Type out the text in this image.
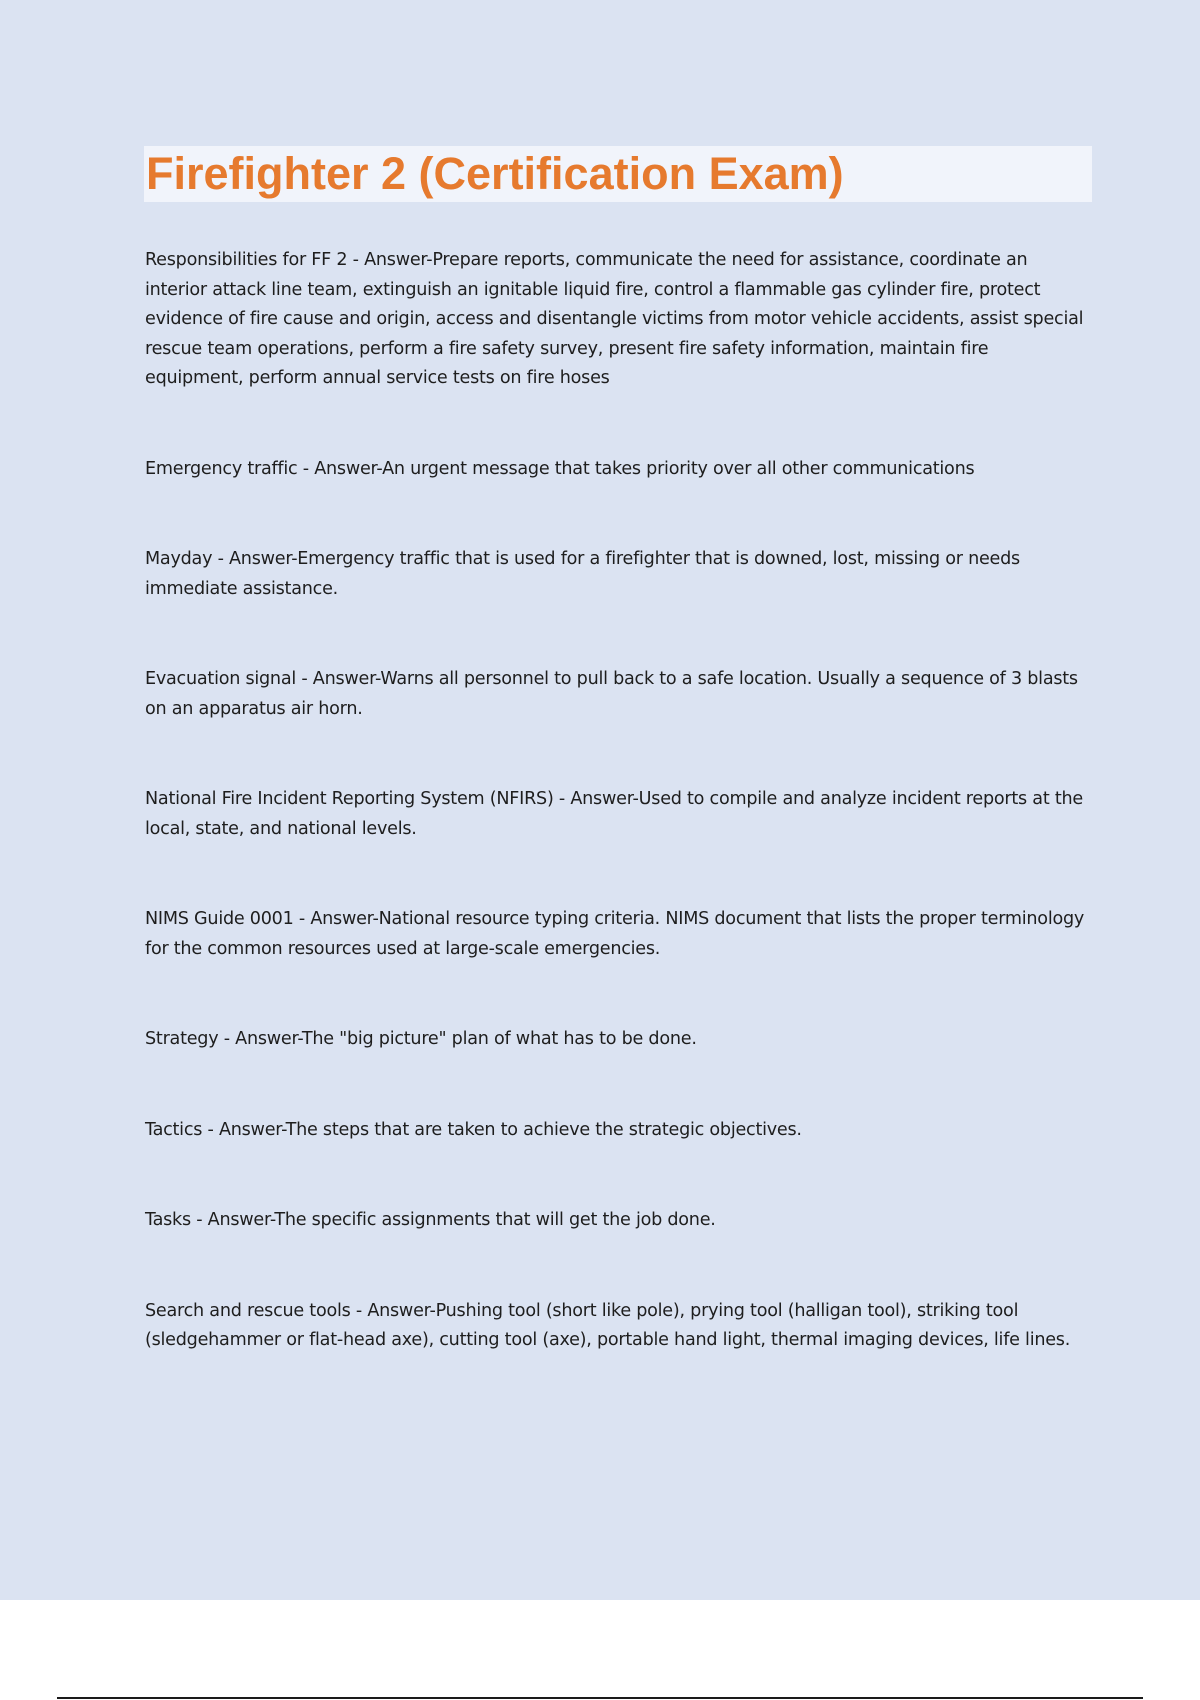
Firefighter 2 (Certification Exam)

Responsibilities for FF 2 - Answer-Prepare reports, communicate the need for assistance, coordinate an interior attack line team, extinguish an ignitable liquid fire, control a flammable gas cylinder fire, protect evidence of fire cause and origin, access and disentangle victims from motor vehicle accidents, assist special rescue team operations, perform a fire safety survey, present fire safety information, maintain fire equipment, perform annual service tests on fire hoses

Emergency traffic - Answer-An urgent message that takes priority over all other communications

Mayday - Answer-Emergency traffic that is used for a firefighter that is downed, lost, missing or needs immediate assistance.

Evacuation signal - Answer-Warns all personnel to pull back to a safe location. Usually a sequence of 3 blasts on an apparatus air horn.

National Fire Incident Reporting System (NFIRS) - Answer-Used to compile and analyze incident reports at the local, state, and national levels.

NIMS Guide 0001 - Answer-National resource typing criteria. NIMS document that lists the proper terminology for the common resources used at large-scale emergencies.

Strategy - Answer-The "big picture" plan of what has to be done.

Tactics - Answer-The steps that are taken to achieve the strategic objectives.

Tasks - Answer-The specific assignments that will get the job done.

Search and rescue tools - Answer-Pushing tool (short like pole), prying tool (halligan tool), striking tool (sledgehammer or flat-head axe), cutting tool (axe), portable hand light, thermal imaging devices, life lines.
